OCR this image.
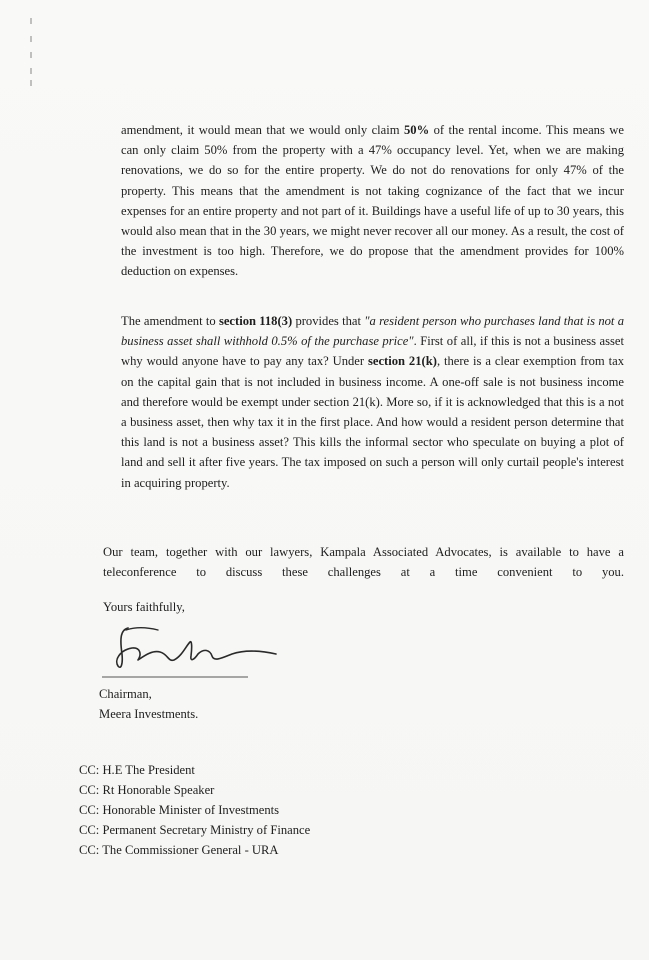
amendment, it would mean that we would only claim 50% of the rental income. This means we can only claim 50% from the property with a 47% occupancy level. Yet, when we are making renovations, we do so for the entire property. We do not do renovations for only 47% of the property. This means that the amendment is not taking cognizance of the fact that we incur expenses for an entire property and not part of it. Buildings have a useful life of up to 30 years, this would also mean that in the 30 years, we might never recover all our money. As a result, the cost of the investment is too high. Therefore, we do propose that the amendment provides for 100% deduction on expenses.

The amendment to section 118(3) provides that "a resident person who purchases land that is not a business asset shall withhold 0.5% of the purchase price". First of all, if this is not a business asset why would anyone have to pay any tax? Under section 21(k), there is a clear exemption from tax on the capital gain that is not included in business income. A one-off sale is not business income and therefore would be exempt under section 21(k). More so, if it is acknowledged that this is a not a business asset, then why tax it in the first place. And how would a resident person determine that this land is not a business asset? This kills the informal sector who speculate on buying a plot of land and sell it after five years. The tax imposed on such a person will only curtail people's interest in acquiring property.

Our team, together with our lawyers, Kampala Associated Advocates, is available to have a
teleconference to discuss these challenges at a time convenient to you.

Yours faithfully,

Chairman,
Meera Investments.
CC: H.E The President
CC: Rt Honorable Speaker
CC: Honorable Minister of Investments
CC: Permanent Secretary Ministry of Finance
CC: The Commissioner General - URA
